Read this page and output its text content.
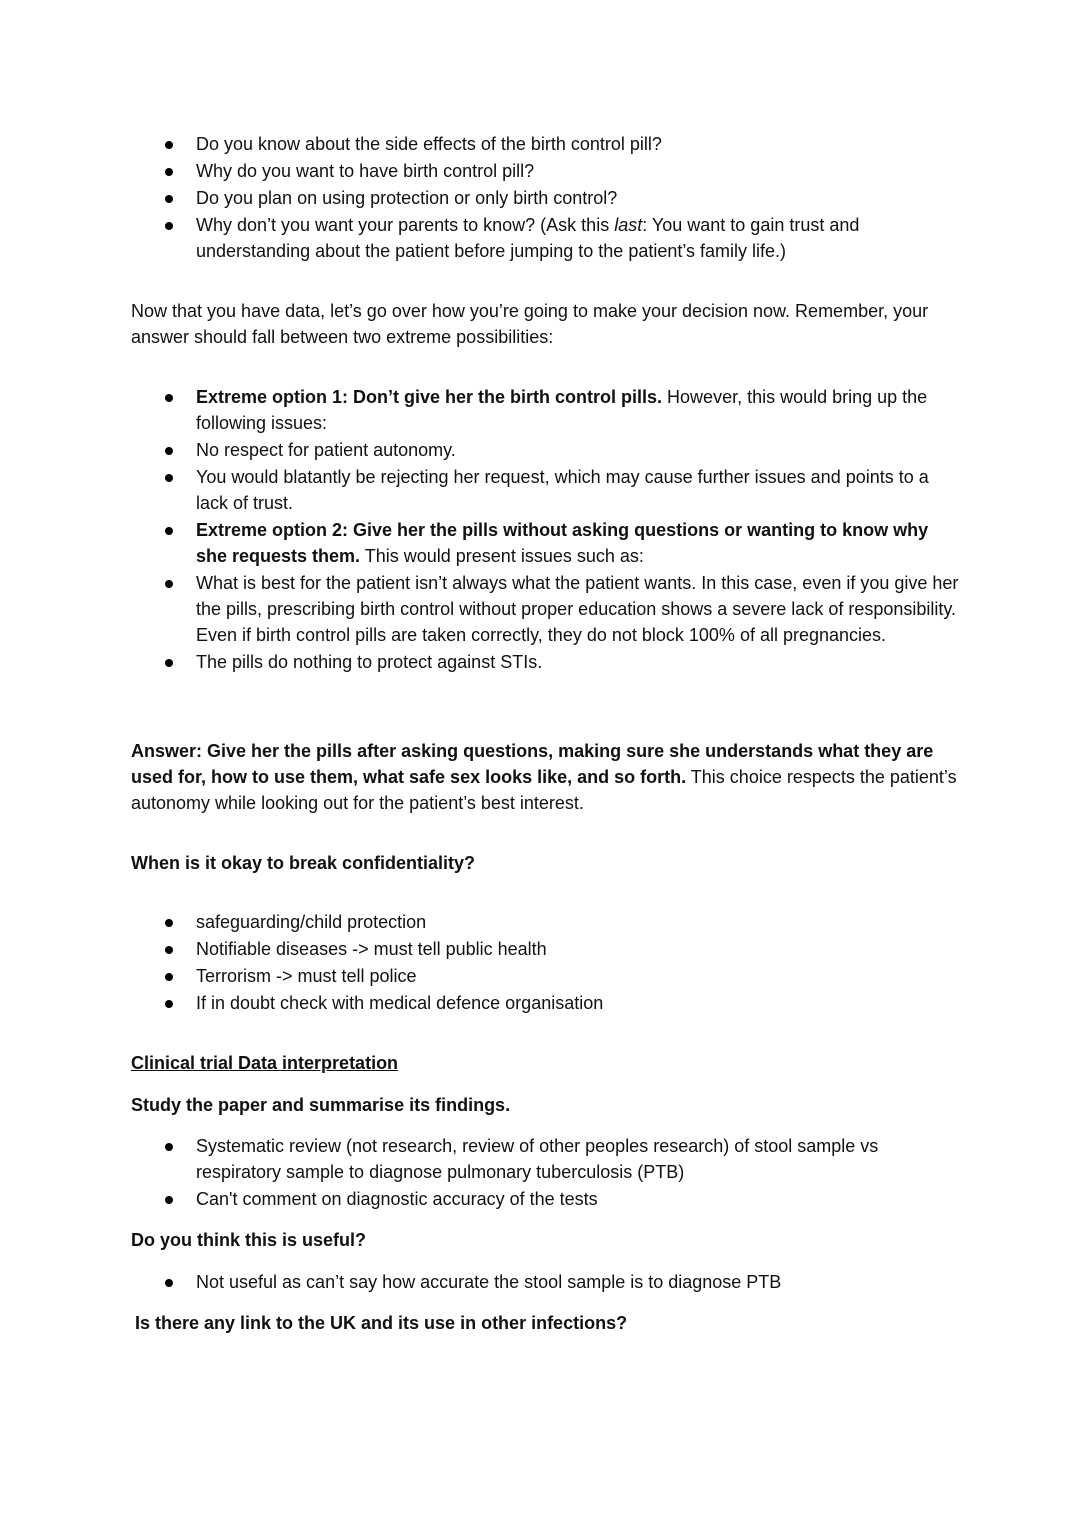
Do you know about the side effects of the birth control pill?
Why do you want to have birth control pill?
Do you plan on using protection or only birth control?
Why don’t you want your parents to know? (Ask this last: You want to gain trust and understanding about the patient before jumping to the patient’s family life.)

Now that you have data, let’s go over how you’re going to make your decision now. Remember, your answer should fall between two extreme possibilities:

Extreme option 1: Don’t give her the birth control pills. However, this would bring up the following issues:
No respect for patient autonomy.
You would blatantly be rejecting her request, which may cause further issues and points to a lack of trust.
Extreme option 2: Give her the pills without asking questions or wanting to know why she requests them. This would present issues such as:
What is best for the patient isn’t always what the patient wants. In this case, even if you give her the pills, prescribing birth control without proper education shows a severe lack of responsibility. Even if birth control pills are taken correctly, they do not block 100% of all pregnancies.
The pills do nothing to protect against STIs.

Answer: Give her the pills after asking questions, making sure she understands what they are used for, how to use them, what safe sex looks like, and so forth. This choice respects the patient’s autonomy while looking out for the patient’s best interest.

When is it okay to break confidentiality?

safeguarding/child protection
Notifiable diseases -> must tell public health
Terrorism -> must tell police
If in doubt check with medical defence organisation

Clinical trial Data interpretation

Study the paper and summarise its findings.

Systematic review (not research, review of other peoples research) of stool sample vs respiratory sample to diagnose pulmonary tuberculosis (PTB)
Can't comment on diagnostic accuracy of the tests

Do you think this is useful?

Not useful as can’t say how accurate the stool sample is to diagnose PTB

Is there any link to the UK and its use in other infections?
